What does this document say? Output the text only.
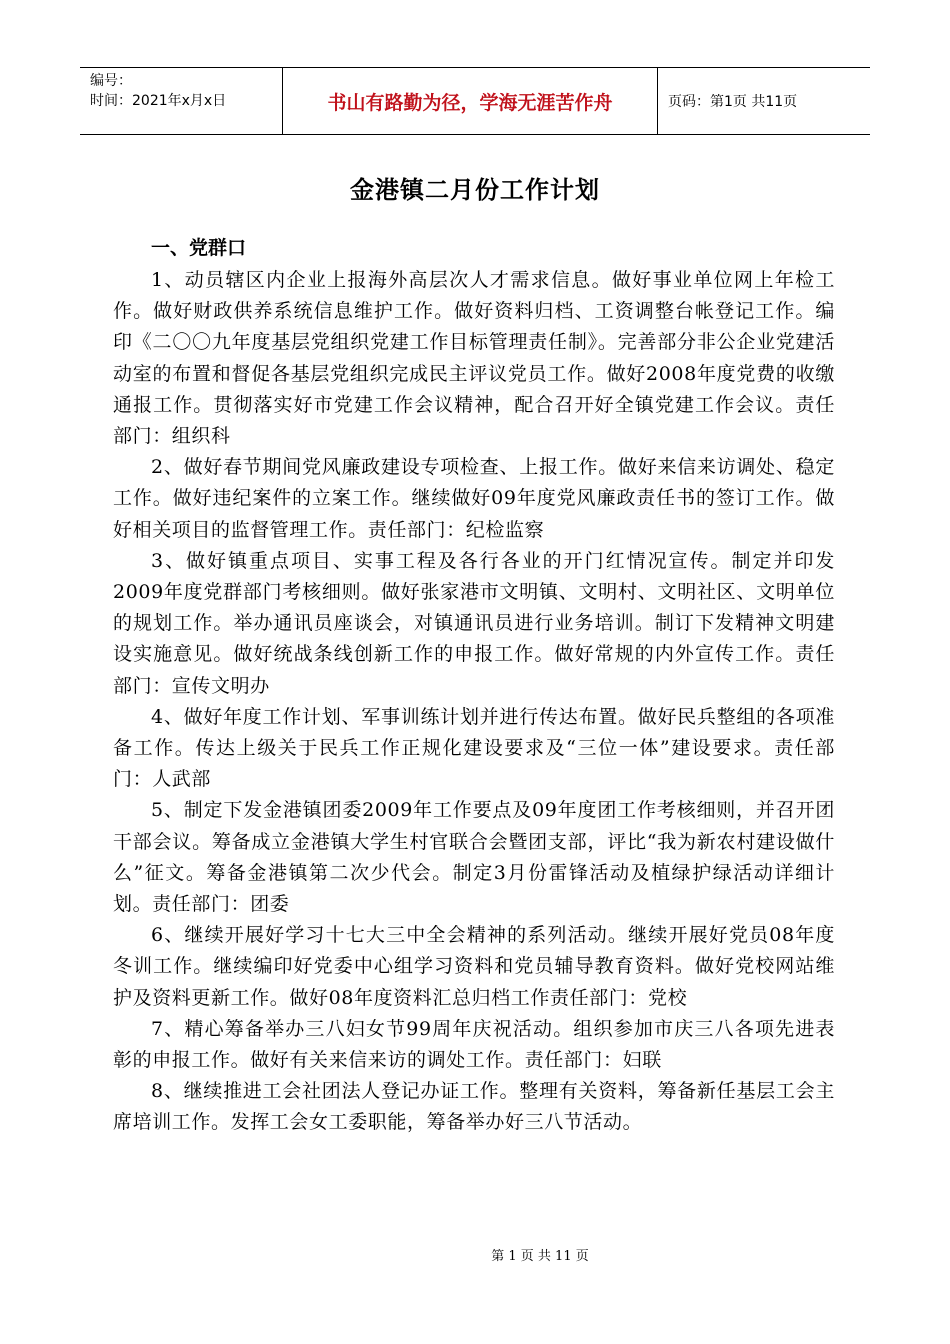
编号：
时间：2021年x月x日	书山有路勤为径，学海无涯苦作舟	页码：第1页 共11页
金港镇二月份工作计划

一、党群口

1、动员辖区内企业上报海外高层次人才需求信息。做好事业单位网上年检工作。做好财政供养系统信息维护工作。做好资料归档、工资调整台帐登记工作。编印《二〇〇九年度基层党组织党建工作目标管理责任制》。完善部分非公企业党建活动室的布置和督促各基层党组织完成民主评议党员工作。做好2008年度党费的收缴通报工作。贯彻落实好市党建工作会议精神，配合召开好全镇党建工作会议。责任部门：组织科

2、做好春节期间党风廉政建设专项检查、上报工作。做好来信来访调处、稳定工作。做好违纪案件的立案工作。继续做好09年度党风廉政责任书的签订工作。做好相关项目的监督管理工作。责任部门：纪检监察

3、做好镇重点项目、实事工程及各行各业的开门红情况宣传。制定并印发2009年度党群部门考核细则。做好张家港市文明镇、文明村、文明社区、文明单位的规划工作。举办通讯员座谈会，对镇通讯员进行业务培训。制订下发精神文明建设实施意见。做好统战条线创新工作的申报工作。做好常规的内外宣传工作。责任部门：宣传文明办

4、做好年度工作计划、军事训练计划并进行传达布置。做好民兵整组的各项准备工作。传达上级关于民兵工作正规化建设要求及“三位一体”建设要求。责任部门：人武部

5、制定下发金港镇团委2009年工作要点及09年度团工作考核细则，并召开团干部会议。筹备成立金港镇大学生村官联合会暨团支部，评比“我为新农村建设做什么”征文。筹备金港镇第二次少代会。制定3月份雷锋活动及植绿护绿活动详细计划。责任部门：团委

6、继续开展好学习十七大三中全会精神的系列活动。继续开展好党员08年度冬训工作。继续编印好党委中心组学习资料和党员辅导教育资料。做好党校网站维护及资料更新工作。做好08年度资料汇总归档工作责任部门：党校

7、精心筹备举办三八妇女节99周年庆祝活动。组织参加市庆三八各项先进表彰的申报工作。做好有关来信来访的调处工作。责任部门：妇联

8、继续推进工会社团法人登记办证工作。整理有关资料，筹备新任基层工会主席培训工作。发挥工会女工委职能，筹备举办好三八节活动。

第 1 页 共 11 页
